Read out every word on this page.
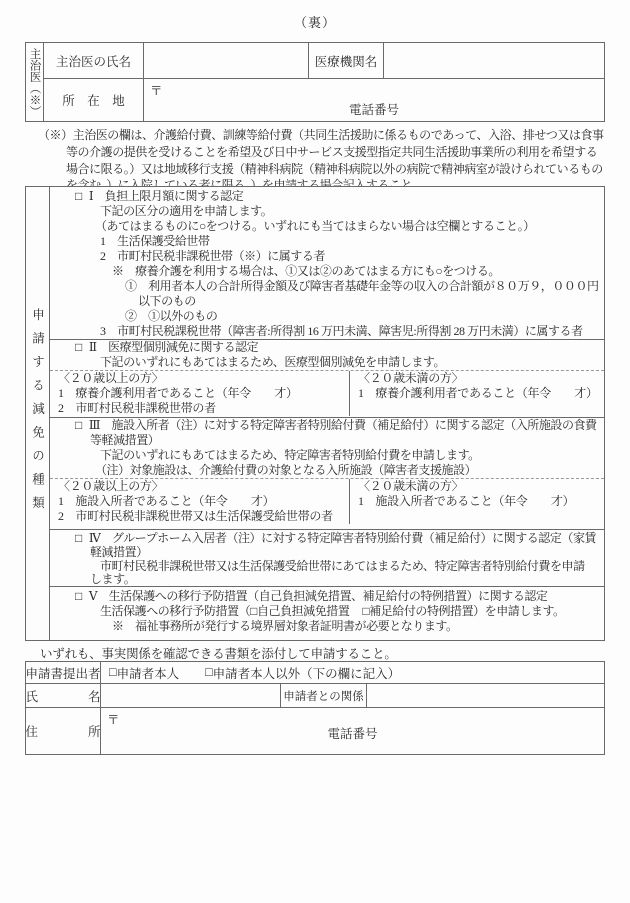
（裏）
主治医（※）	主治医の氏名	医療機関名
所　在　地
〒
電話番号
（※）主治医の欄は、介護給付費、訓練等給付費（共同生活援助に係るものであって、入浴、排せつ又は食事
等の介護の提供を受けることを希望及び日中サービス支援型指定共同生活援助事業所の利用を希望する
場合に限る。）又は地域移行支援（精神科病院（精神科病院以外の病院で精神病室が設けられているもの
申請する減免の種類
□ Ⅰ　負担上限月額に関する認定
下記の区分の適用を申請します。
（あてはまるものに○をつける。いずれにも当てはまらない場合は空欄とすること。）
1　生活保護受給世帯
2　市町村民税非課税世帯（※）に属する者
※　療養介護を利用する場合は、①又は②のあてはまる方にも○をつける。
①　利用者本人の合計所得金額及び障害者基礎年金等の収入の合計額が８０万９，０００円
以下のもの
②　①以外のもの
3　市町村民税課税世帯（障害者:所得割 16 万円未満、障害児:所得割 28 万円未満）に属する者
□ Ⅱ　医療型個別減免に関する認定
下記のいずれにもあてはまるため、医療型個別減免を申請します。
〈２０歳以上の方〉
1　療養介護利用者であること（年令　　才）
2　市町村民税非課税世帯の者
〈２０歳未満の方〉
1　療養介護利用者であること（年令　　才）
□ Ⅲ　施設入所者（注）に対する特定障害者特別給付費（補足給付）に関する認定（入所施設の食費
等軽減措置）
下記のいずれにもあてはまるため、特定障害者特別給付費を申請します。
（注）対象施設は、介護給付費の対象となる入所施設（障害者支援施設）
〈２０歳以上の方〉
1　施設入所者であること（年令　　才）
2　市町村民税非課税世帯又は生活保護受給世帯の者
〈２０歳未満の方〉
1　施設入所者であること（年令　　才）
□ Ⅳ　グループホーム入居者（注）に対する特定障害者特別給付費（補足給付）に関する認定（家賃
軽減措置）
市町村民税非課税世帯又は生活保護受給世帯にあてはまるため、特定障害者特別給付費を申請
します。
□ Ⅴ　生活保護への移行予防措置（自己負担減免措置、補足給付の特例措置）に関する認定
生活保護への移行予防措置（□自己負担減免措置 □補足給付の特例措置）を申請します。
※　福祉事務所が発行する境界層対象者証明書が必要となります。
いずれも、事実関係を確認できる書類を添付して申請すること。
申請書提出者 □ 申請者本人 □ 申請者本人以外（下の欄に記入）
氏　　　　名	申請者との関係
住　　　　所
〒
電話番号
